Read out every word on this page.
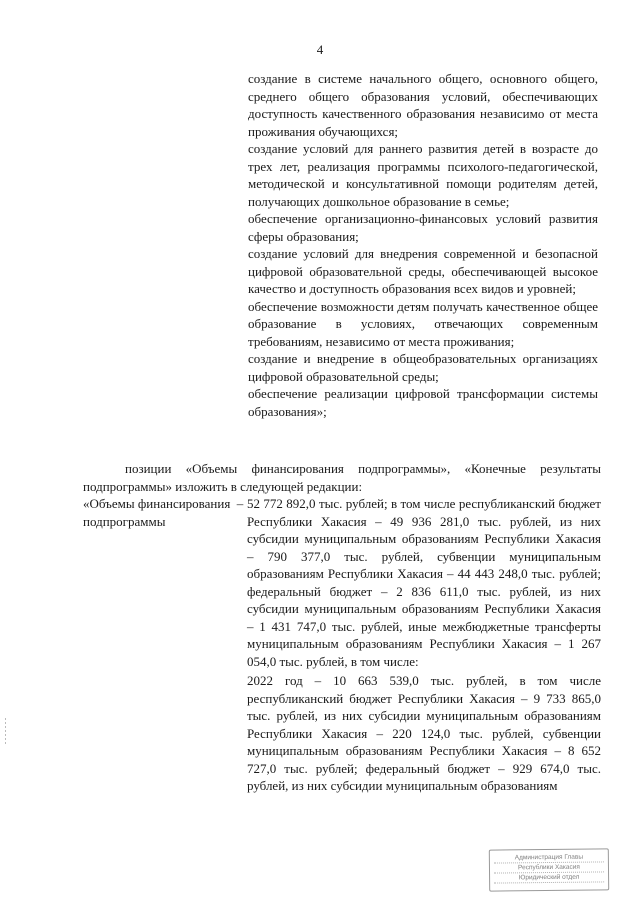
4

создание в системе начального общего, основного общего, среднего общего образования условий, обеспечивающих доступность качественного образования независимо от места проживания обучающихся;

создание условий для раннего развития детей в возрасте до трех лет, реализация программы психолого-педагогической, методической и консультативной помощи родителям детей, получающих дошкольное образование в семье;

обеспечение организационно-финансовых условий развития сферы образования;

создание условий для внедрения современной и безопасной цифровой образовательной среды, обеспечивающей высокое качество и доступность образования всех видов и уровней;

обеспечение возможности детям получать качественное общее образование в условиях, отвечающих современным требованиям, независимо от места проживания;

создание и внедрение в общеобразовательных организациях цифровой образовательной среды;

обеспечение реализации цифровой трансформации системы образования»;

позиции «Объемы финансирования подпрограммы», «Конечные результаты подпрограммы» изложить в следующей редакции:
«Объемы финансирования подпрограммы
– 52 772 892,0 тыс. рублей; в том числе республиканский бюджет Республики Хакасия – 49 936 281,0 тыс. рублей, из них субсидии муниципальным образованиям Республики Хакасия – 790 377,0 тыс. рублей, субвенции муниципальным образованиям Республики Хакасия – 44 443 248,0 тыс. рублей; федеральный бюджет – 2 836 611,0 тыс. рублей, из них субсидии муниципальным образованиям Республики Хакасия – 1 431 747,0 тыс. рублей, иные межбюджетные трансферты муниципальным образованиям Республики Хакасия – 1 267 054,0 тыс. рублей, в том числе:

2022 год – 10 663 539,0 тыс. рублей, в том числе республиканский бюджет Республики Хакасия – 9 733 865,0 тыс. рублей, из них субсидии муниципальным образованиям Республики Хакасия – 220 124,0 тыс. рублей, субвенции муниципальным образованиям Республики Хакасия – 8 652 727,0 тыс. рублей; федеральный бюджет – 929 674,0 тыс. рублей, из них субсидии муниципальным образованиям

Администрация Главы
Республики Хакасия
Юридический отдел
